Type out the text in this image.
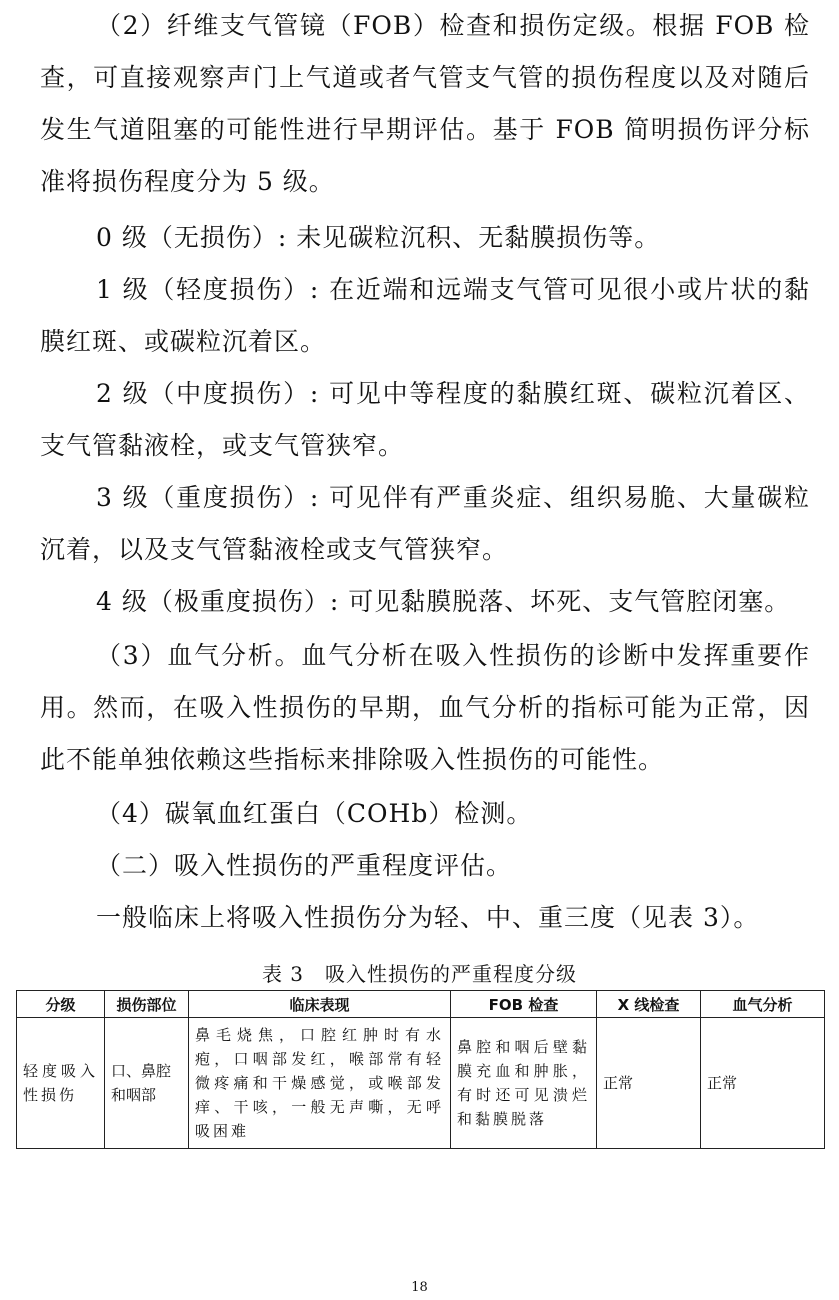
（2）纤维支气管镜（FOB）检查和损伤定级。根据 FOB 检查，可直接观察声门上气道或者气管支气管的损伤程度以及对随后发生气道阻塞的可能性进行早期评估。基于 FOB 简明损伤评分标准将损伤程度分为 5 级。

0 级（无损伤）: 未见碳粒沉积、无黏膜损伤等。

1 级（轻度损伤）: 在近端和远端支气管可见很小或片状的黏膜红斑、或碳粒沉着区。

2 级（中度损伤）: 可见中等程度的黏膜红斑、碳粒沉着区、支气管黏液栓，或支气管狭窄。

3 级（重度损伤）: 可见伴有严重炎症、组织易脆、大量碳粒沉着，以及支气管黏液栓或支气管狭窄。

4 级（极重度损伤）: 可见黏膜脱落、坏死、支气管腔闭塞。

（3）血气分析。血气分析在吸入性损伤的诊断中发挥重要作用。然而，在吸入性损伤的早期，血气分析的指标可能为正常，因此不能单独依赖这些指标来排除吸入性损伤的可能性。

（4）碳氧血红蛋白（COHb）检测。

（二）吸入性损伤的严重程度评估。

一般临床上将吸入性损伤分为轻、中、重三度（见表 3）。

表 3　吸入性损伤的严重程度分级
分级	损伤部位	临床表现	FOB 检查	X 线检查	血气分析
轻度吸入性损伤	口、鼻腔和咽部	鼻毛烧焦，口腔红肿时有水疱，口咽部发红，喉部常有轻微疼痛和干燥感觉，或喉部发痒、干咳，一般无声嘶，无呼吸困难	鼻腔和咽后壁黏膜充血和肿胀，有时还可见溃烂和黏膜脱落	正常	正常
18
